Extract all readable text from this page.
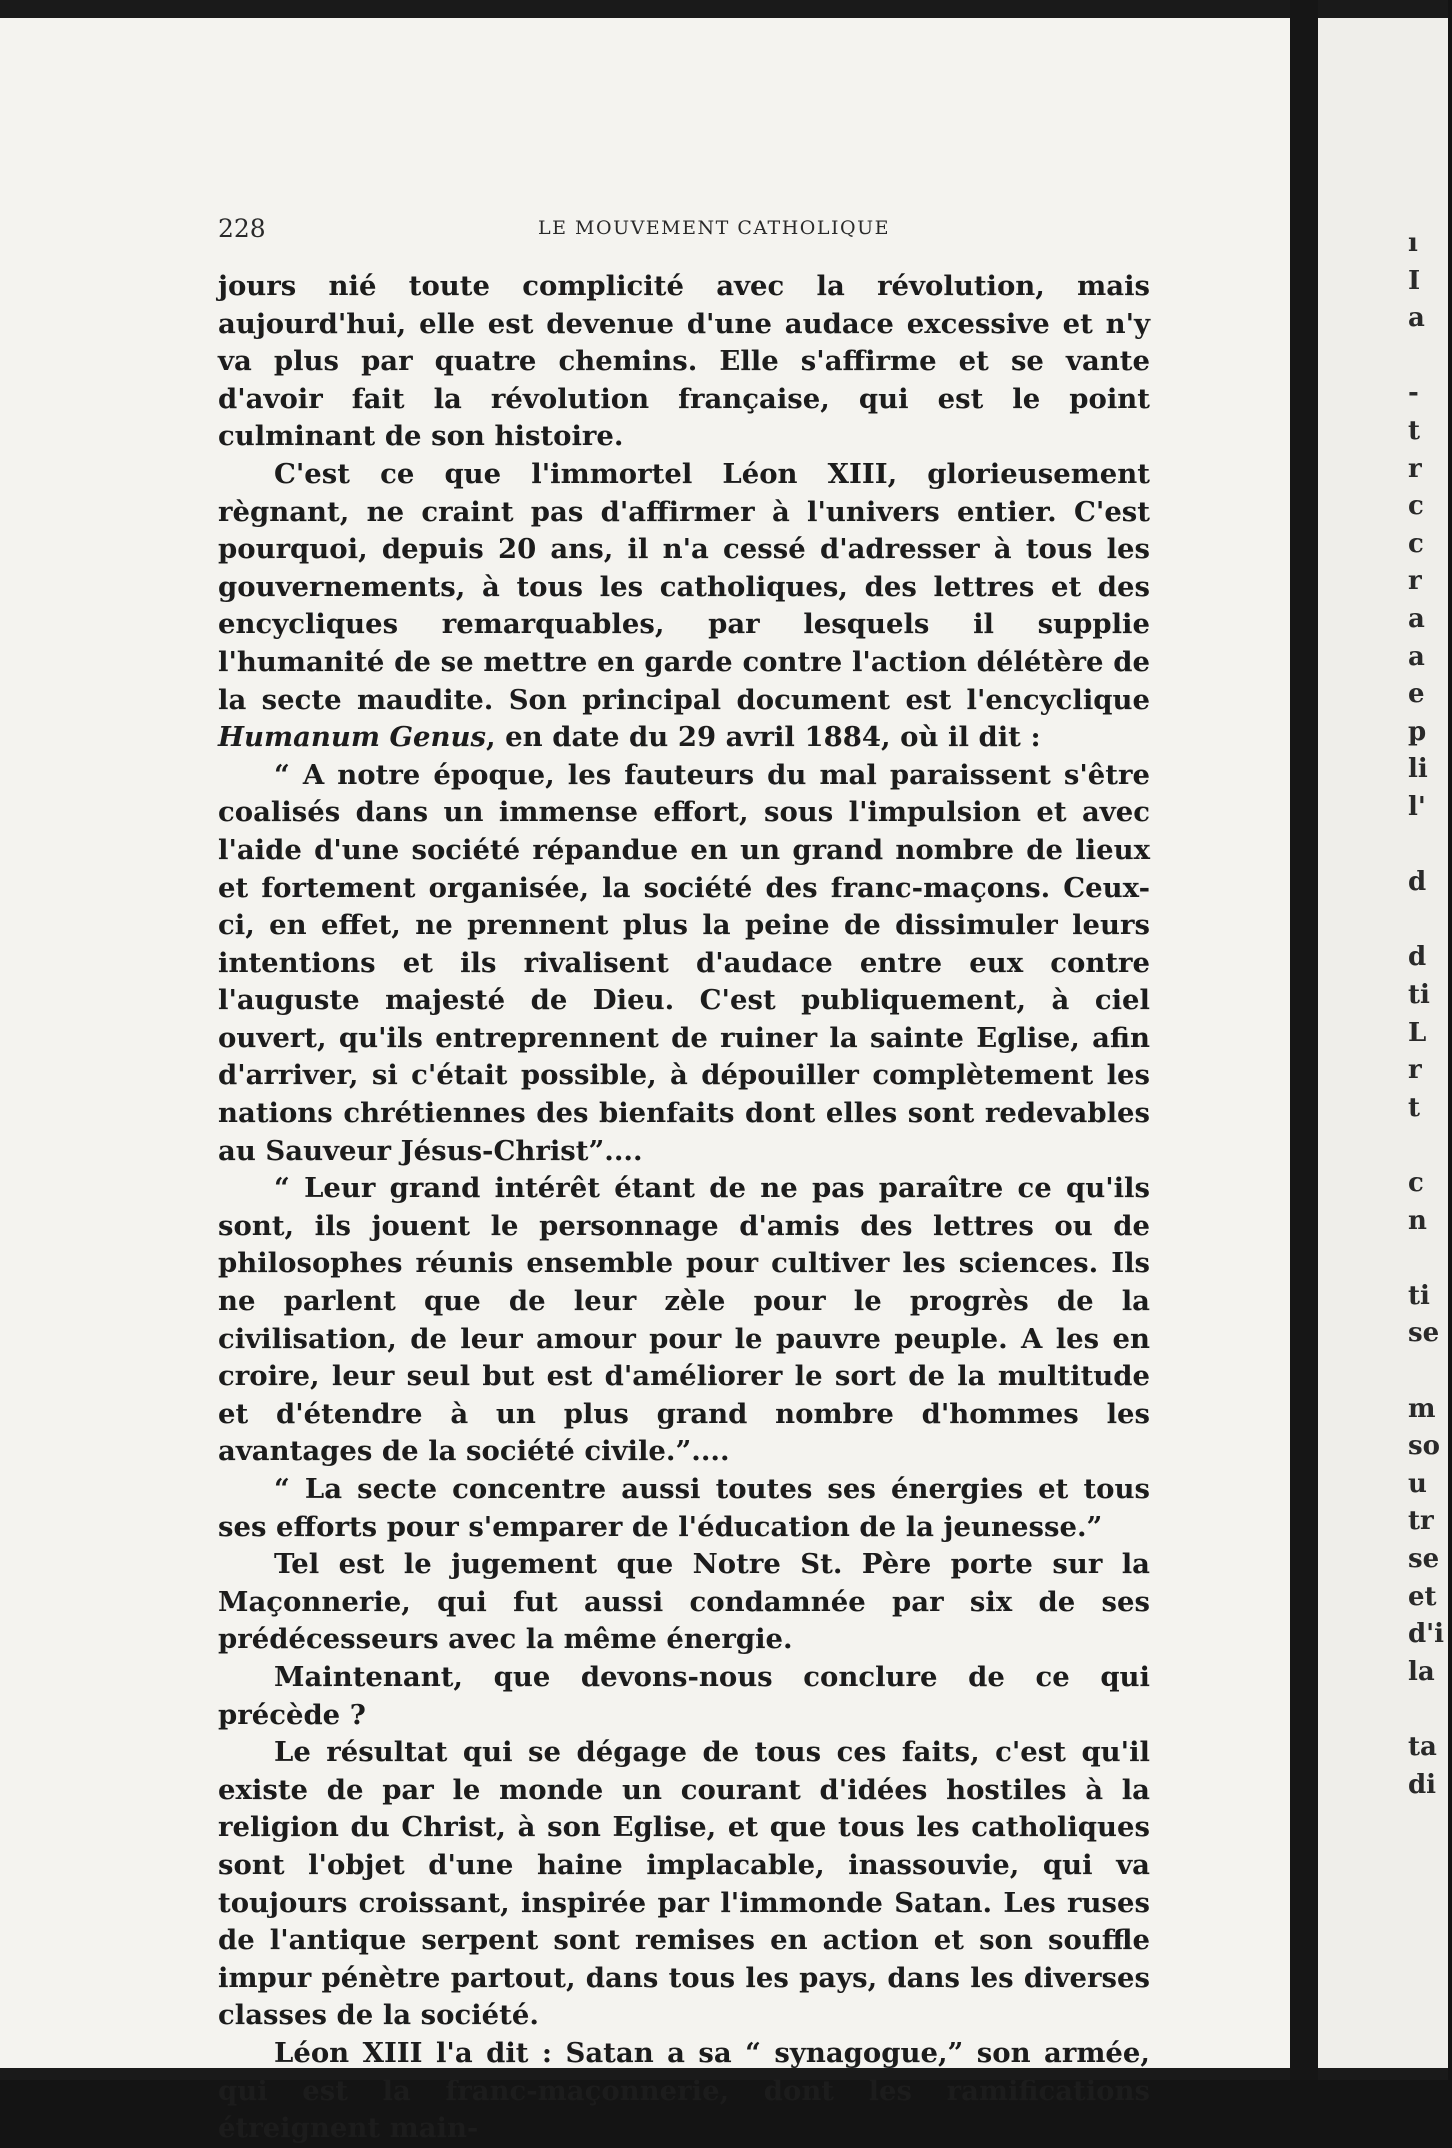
228	LE MOUVEMENT CATHOLIQUE

jours nié toute complicité avec la révolution, mais aujourd'hui, elle est devenue d'une audace excessive et n'y va plus par quatre chemins. Elle s'affirme et se vante d'avoir fait la révolution française, qui est le point culminant de son histoire.

C'est ce que l'immortel Léon XIII, glorieusement règnant, ne craint pas d'affirmer à l'univers entier. C'est pourquoi, depuis 20 ans, il n'a cessé d'adresser à tous les gouvernements, à tous les catholiques, des lettres et des encycliques remarquables, par lesquels il supplie l'humanité de se mettre en garde contre l'action délétère de la secte maudite. Son principal document est l'encyclique Humanum Genus, en date du 29 avril 1884, où il dit :

“ A notre époque, les fauteurs du mal paraissent s'être coalisés dans un immense effort, sous l'impulsion et avec l'aide d'une société répandue en un grand nombre de lieux et fortement organisée, la société des franc-maçons. Ceux-ci, en effet, ne prennent plus la peine de dissimuler leurs intentions et ils rivalisent d'audace entre eux contre l'auguste majesté de Dieu. C'est publiquement, à ciel ouvert, qu'ils entreprennent de ruiner la sainte Eglise, afin d'arriver, si c'était possible, à dépouiller complètement les nations chrétiennes des bienfaits dont elles sont redevables au Sauveur Jésus-Christ”....

“ Leur grand intérêt étant de ne pas paraître ce qu'ils sont, ils jouent le personnage d'amis des lettres ou de philosophes réunis ensemble pour cultiver les sciences. Ils ne parlent que de leur zèle pour le progrès de la civilisation, de leur amour pour le pauvre peuple. A les en croire, leur seul but est d'améliorer le sort de la multitude et d'étendre à un plus grand nombre d'hommes les avantages de la société civile.”....

“ La secte concentre aussi toutes ses énergies et tous ses efforts pour s'emparer de l'éducation de la jeunesse.”

Tel est le jugement que Notre St. Père porte sur la Maçonnerie, qui fut aussi condamnée par six de ses prédécesseurs avec la même énergie.

Maintenant, que devons-nous conclure de ce qui précède ?

Le résultat qui se dégage de tous ces faits, c'est qu'il existe de par le monde un courant d'idées hostiles à la religion du Christ, à son Eglise, et que tous les catholiques sont l'objet d'une haine implacable, inassouvie, qui va toujours croissant, inspirée par l'immonde Satan. Les ruses de l'antique serpent sont remises en action et son souffle impur pénètre partout, dans tous les pays, dans les diverses classes de la société.

Léon XIII l'a dit : Satan a sa “ synagogue,” son armée, qui est la franc-maçonnerie, dont les ramifications étreignent main-

ı
I
a
-
t
r
c
c
r
a
a
e
p
li
l'
d
d
ti
L
r
t
c
n
ti
se
m
so
u
tr
se
et
d'i
la
ta
di
